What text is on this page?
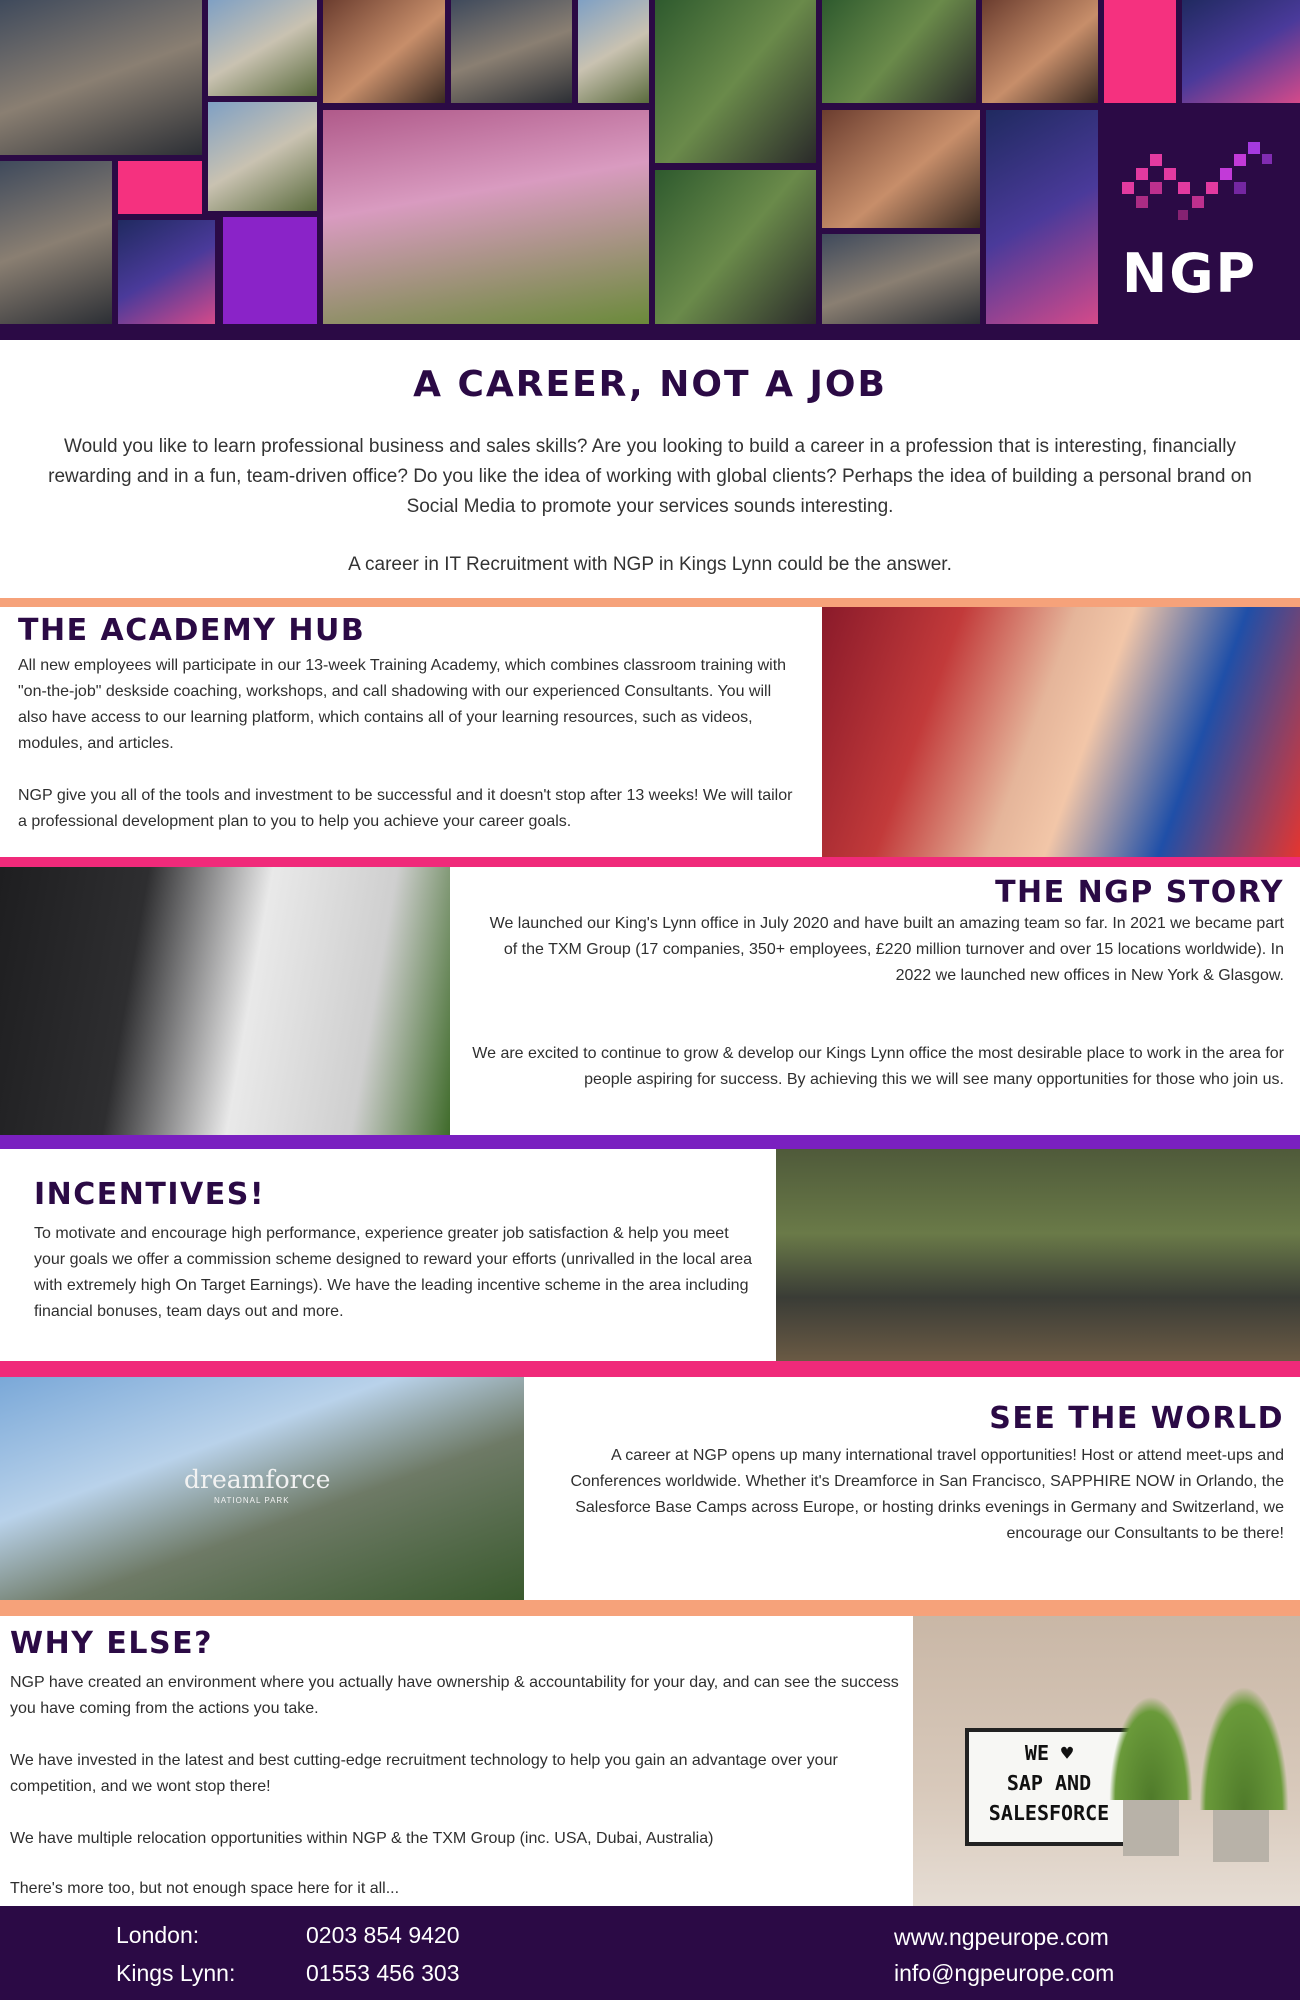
NGP
A CAREER, NOT A JOB

Would you like to learn professional business and sales skills? Are you looking to build a career in a profession that is interesting, financially rewarding and in a fun, team-driven office? Do you like the idea of working with global clients? Perhaps the idea of building a personal brand on Social Media to promote your services sounds interesting.

A career in IT Recruitment with NGP in Kings Lynn could be the answer.

THE ACADEMY HUB
All new employees will participate in our 13-week Training Academy, which combines classroom training with "on-the-job" deskside coaching, workshops, and call shadowing with our experienced Consultants. You will also have access to our learning platform, which contains all of your learning resources, such as videos, modules, and articles.
NGP give you all of the tools and investment to be successful and it doesn't stop after 13 weeks! We will tailor a professional development plan to you to help you achieve your career goals.
THE NGP STORY
We launched our King's Lynn office in July 2020 and have built an amazing team so far. In 2021 we became part of the TXM Group (17 companies, 350+ employees, £220 million turnover and over 15 locations worldwide). In 2022 we launched new offices in New York & Glasgow.
We are excited to continue to grow & develop our Kings Lynn office the most desirable place to work in the area for people aspiring for success. By achieving this we will see many opportunities for those who join us.
INCENTIVES!
To motivate and encourage high performance, experience greater job satisfaction & help you meet your goals we offer a commission scheme designed to reward your efforts (unrivalled in the local area with extremely high On Target Earnings). We have the leading incentive scheme in the area including financial bonuses, team days out and more.
dreamforce
NATIONAL PARK
SEE THE WORLD
A career at NGP opens up many international travel opportunities! Host or attend meet-ups and Conferences worldwide. Whether it's Dreamforce in San Francisco, SAPPHIRE NOW in Orlando, the Salesforce Base Camps across Europe, or hosting drinks evenings in Germany and Switzerland, we encourage our Consultants to be there!
WHY ELSE?
NGP have created an environment where you actually have ownership & accountability for your day, and can see the success you have coming from the actions you take.
We have invested in the latest and best cutting-edge recruitment technology to help you gain an advantage over your competition, and we wont stop there!
We have multiple relocation opportunities within NGP & the TXM Group (inc. USA, Dubai, Australia)
There's more too, but not enough space here for it all...
WE ♥
SAP AND
SALESFORCE
London:	0203 854 9420
Kings Lynn:	01553 456 303
www.ngpeurope.com
info@ngpeurope.com
